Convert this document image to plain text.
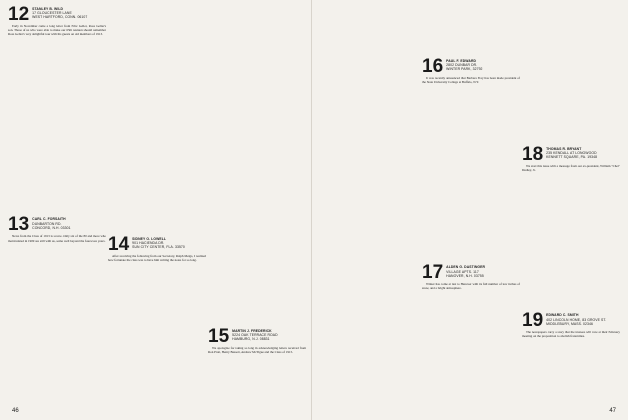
12 STANLEY B. WILD
17 GLOUCESTER LANE
WEST HARTFORD, CONN. 06107

Early in November came a long letter from Fritz Geller, Ross Geller's son. Those of us who were able to make our 65th reunion should remember Ross Geller's very delightful tour with his guests on old members of 1913.

13 CARL C. FORSAITH
DUNBARTON RD.
CONCORD, N.H. 03301

News from the Class of 1913 is scarce. Only six of the 80 and more who matriculated in 1909 are still with us, some well beyond the fourscore years. 14 SIDNEY O. LOWELL
901 HACIENDA DR.
SUN CITY CENTER, FLA. 33570

After receiving the following from our Secretary, Ralph Meigs, I realized how fortunate the class was to have him writing the notes for so long.

15 MARTIN J. FREDERICK
5224 OAK TERRACE ROAD
HAMBURG, N.J. 08831

We apologize for taking so long in acknowledging letters received from Ron Pratt, Henry Bassett, Andrew McTigue and the Class of 1915.

46
16 PAUL F. EDWARD
2802 DUNBAR DR.
WINTER PARK, 32792

It was recently announced that Barbara Frey has been made president of the State University College at Buffalo, N.Y.

17 ALDEN G. DASTINGER
VILLAGE APTS. 117
HANOVER, N.H. 03755

Winter has come at last to Hanover with its full number of low inches of snow, and a bright atmosphere.

18 THOMAS R. BRYANT
235 KENDALL AT LONGWOOD
KENNETT SQUARE, PA. 19348

We start this issue with a message from our ex-president, William "Chet" Dudley, Jr.

19 EDWARD C. SMITH
402 LINCOLN HOME, 83 GROVE ST.
MIDDLEBURY, MASS. 02346

The newspapers carry a story that the trustees will vote at their February meeting on the proposition to abolish fraternities.

47
